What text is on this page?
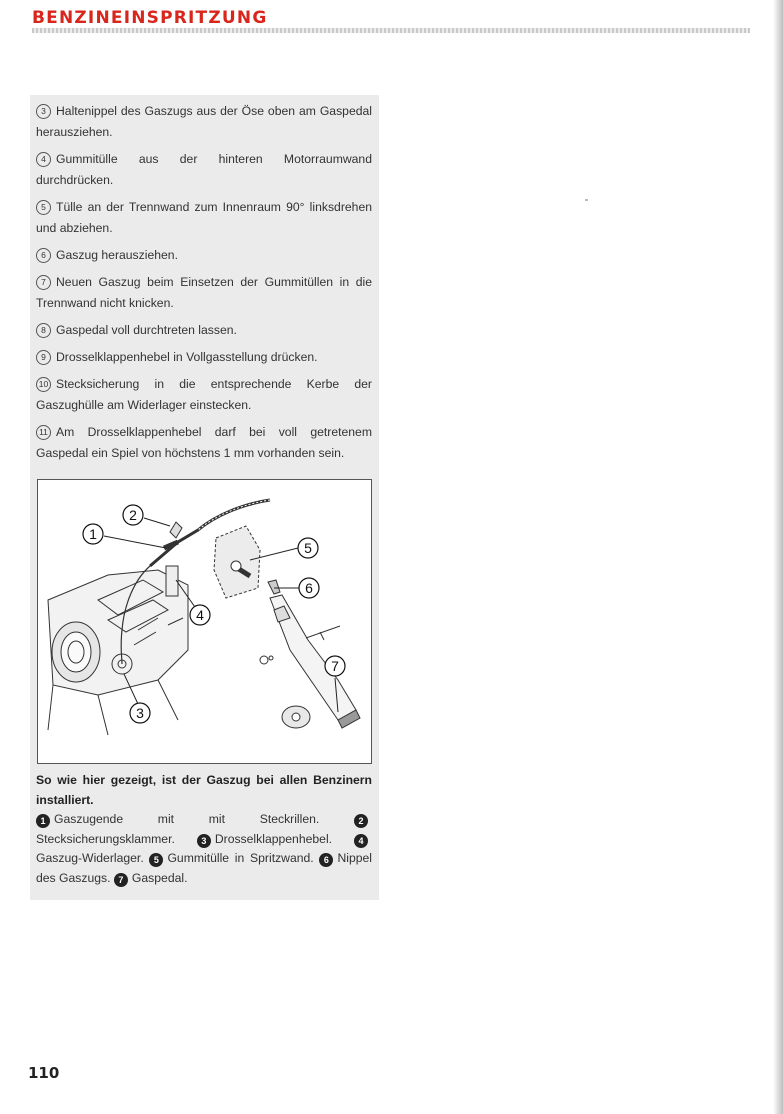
BENZINEINSPRITZUNG
3 Haltenippel des Gaszugs aus der Öse oben am Gaspedal herausziehen.
4 Gummitülle aus der hinteren Motorraumwand durchdrücken.
5 Tülle an der Trennwand zum Innenraum 90° linksdrehen und abziehen.
6 Gaszug herausziehen.
7 Neuen Gaszug beim Einsetzen der Gummitüllen in die Trennwand nicht knicken.
8 Gaspedal voll durchtreten lassen.
9 Drosselklappenhebel in Vollgasstellung drücken.
10 Stecksicherung in die entsprechende Kerbe der Gaszughülle am Widerlager einstecken.
11 Am Drosselklappenhebel darf bei voll getretenem Gaspedal ein Spiel von höchstens 1 mm vorhanden sein.
1
2
3
4
5
6
7
So wie hier gezeigt, ist der Gaszug bei allen Benzinern installiert.
1 Gaszugende mit mit Steckrillen.	2Stecksicherungsklammer.	3 Drosselklappenhebel.	4Gaszug-Widerlager. 5 Gummitülle in Spritzwand. 6 Nippel des Gaszugs. 7 Gaspedal.
110
